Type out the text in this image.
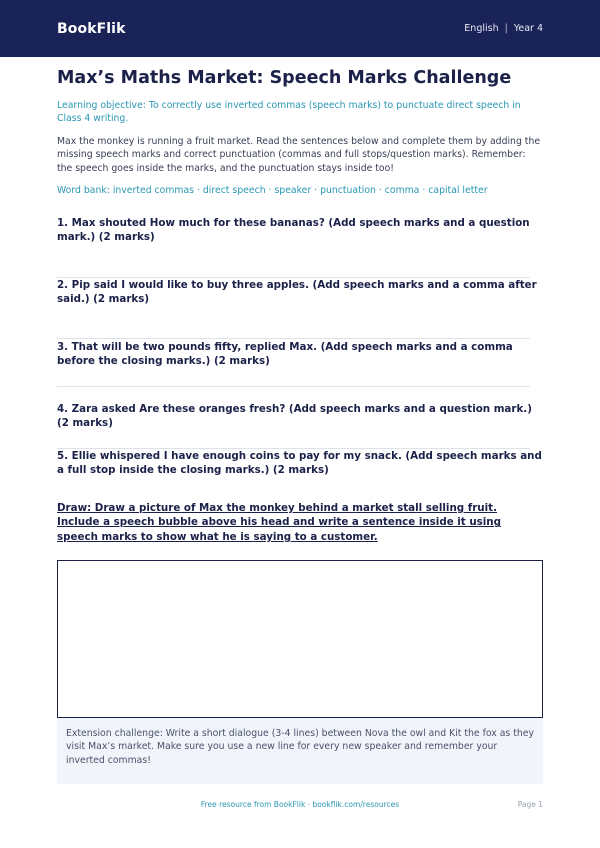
BookFlik	English | Year 4
Max’s Maths Market: Speech Marks Challenge

Learning objective: To correctly use inverted commas (speech marks) to punctuate direct speech in Class 4 writing.

Max the monkey is running a fruit market. Read the sentences below and complete them by adding the missing speech marks and correct punctuation (commas and full stops/question marks). Remember: the speech goes inside the marks, and the punctuation stays inside too!

Word bank: inverted commas · direct speech · speaker · punctuation · comma · capital letter

1. Max shouted How much for these bananas? (Add speech marks and a question mark.) (2 marks)

2. Pip said I would like to buy three apples. (Add speech marks and a comma after said.) (2 marks)

3. That will be two pounds fifty, replied Max. (Add speech marks and a comma before the closing marks.) (2 marks)

4. Zara asked Are these oranges fresh? (Add speech marks and a question mark.) (2 marks)

5. Ellie whispered I have enough coins to pay for my snack. (Add speech marks and a full stop inside the closing marks.) (2 marks)

Draw: Draw a picture of Max the monkey behind a market stall selling fruit. Include a speech bubble above his head and write a sentence inside it using speech marks to show what he is saying to a customer.

Extension challenge: Write a short dialogue (3-4 lines) between Nova the owl and Kit the fox as they visit Max’s market. Make sure you use a new line for every new speaker and remember your inverted commas!
Free resource from BookFlik · bookflik.com/resources	Page 1
